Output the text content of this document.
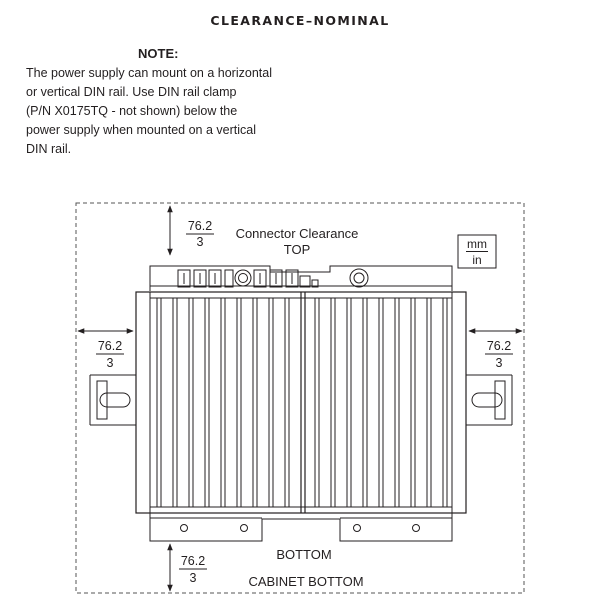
CLEARANCE–NOMINAL
NOTE:
The power supply can mount on a horizontal
or vertical DIN rail. Use DIN rail clamp
(P/N X0175TQ - not shown) below the
power supply when mounted on a vertical
DIN rail.
mm
in
76.2
3
Connector Clearance
TOP
76.2
3
76.2
3
76.2
3
BOTTOM
CABINET BOTTOM
